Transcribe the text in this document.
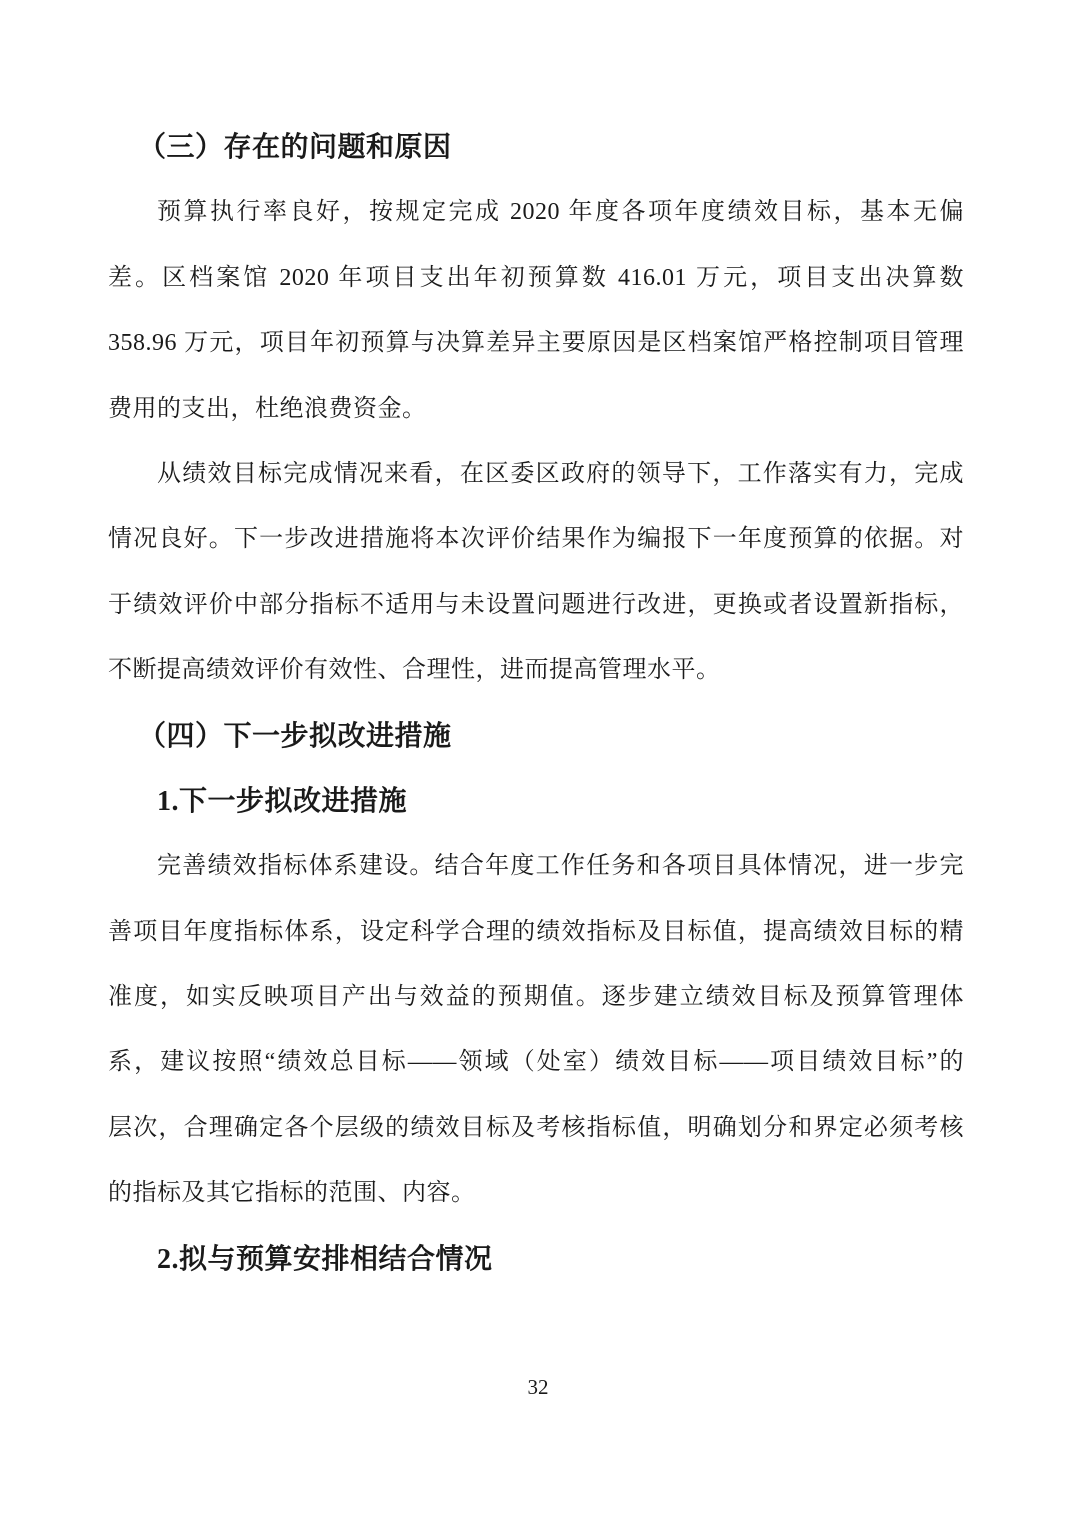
（三）存在的问题和原因
预算执行率良好，按规定完成 2020 年度各项年度绩效目标，基本无偏
差。区档案馆 2020 年项目支出年初预算数 416.01 万元，项目支出决算数
358.96 万元，项目年初预算与决算差异主要原因是区档案馆严格控制项目管理
费用的支出，杜绝浪费资金。
从绩效目标完成情况来看，在区委区政府的领导下，工作落实有力，完成
情况良好。下一步改进措施将本次评价结果作为编报下一年度预算的依据。对
于绩效评价中部分指标不适用与未设置问题进行改进，更换或者设置新指标，
不断提高绩效评价有效性、合理性，进而提高管理水平。
（四）下一步拟改进措施
1.下一步拟改进措施
完善绩效指标体系建设。结合年度工作任务和各项目具体情况，进一步完
善项目年度指标体系，设定科学合理的绩效指标及目标值，提高绩效目标的精
准度，如实反映项目产出与效益的预期值。逐步建立绩效目标及预算管理体
系，建议按照“绩效总目标——领域（处室）绩效目标——项目绩效目标”的
层次，合理确定各个层级的绩效目标及考核指标值，明确划分和界定必须考核
的指标及其它指标的范围、内容。
2.拟与预算安排相结合情况
32
